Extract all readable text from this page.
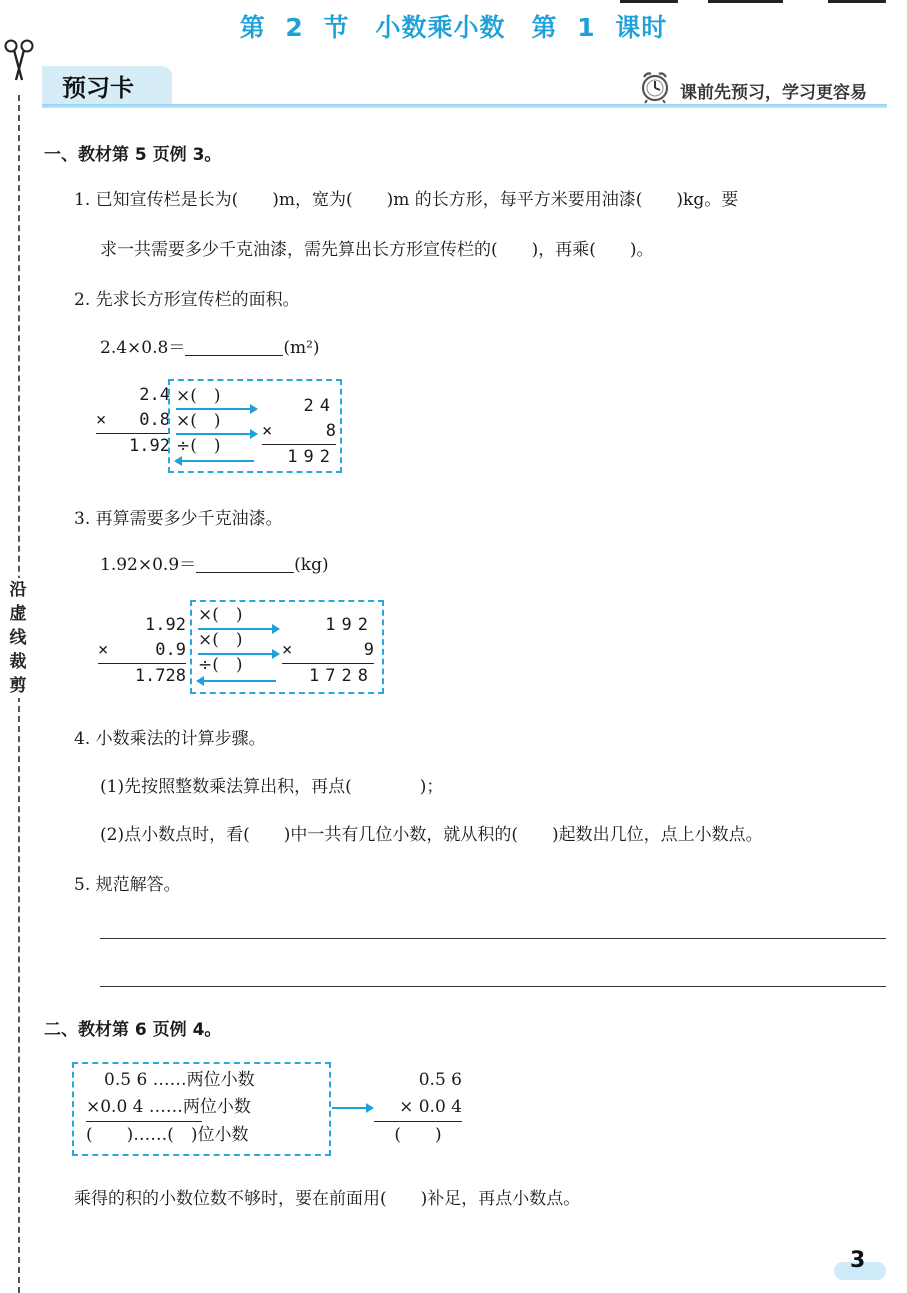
沿虚线裁剪
第 2 节　小数乘小数　第 1 课时
预习卡	课前先预习，学习更容易
一、教材第 5 页例 3。
1. 已知宣传栏是长为(　　)m，宽为(　　)m 的长方形，每平方米要用油漆(　　)kg。要
求一共需要多少千克油漆，需先算出长方形宣传栏的(　　)，再乘(　　)。
2. 先求长方形宣传栏的面积。
2.4×0.8＝	(m²)
2.4
× 0.8
1.92
×(　)
×(　)
÷(　)
24
×	8
192
3. 再算需要多少千克油漆。
1.92×0.9＝	(kg)
1.92
×	0.9
1.728
×(　)
×(　)
÷(　)
192
×	9
1728
4. 小数乘法的计算步骤。
(1)先按照整数乘法算出积，再点(　　　　)；
(2)点小数点时，看(　　)中一共有几位小数，就从积的(　　)起数出几位，点上小数点。
5. 规范解答。
二、教材第 6 页例 4。
0.5 6 ……两位小数
×0.0 4 ……两位小数
(　　)……(　)位小数
0.5 6
× 0.0 4
(　　)
乘得的积的小数位数不够时，要在前面用(　　)补足，再点小数点。
3
